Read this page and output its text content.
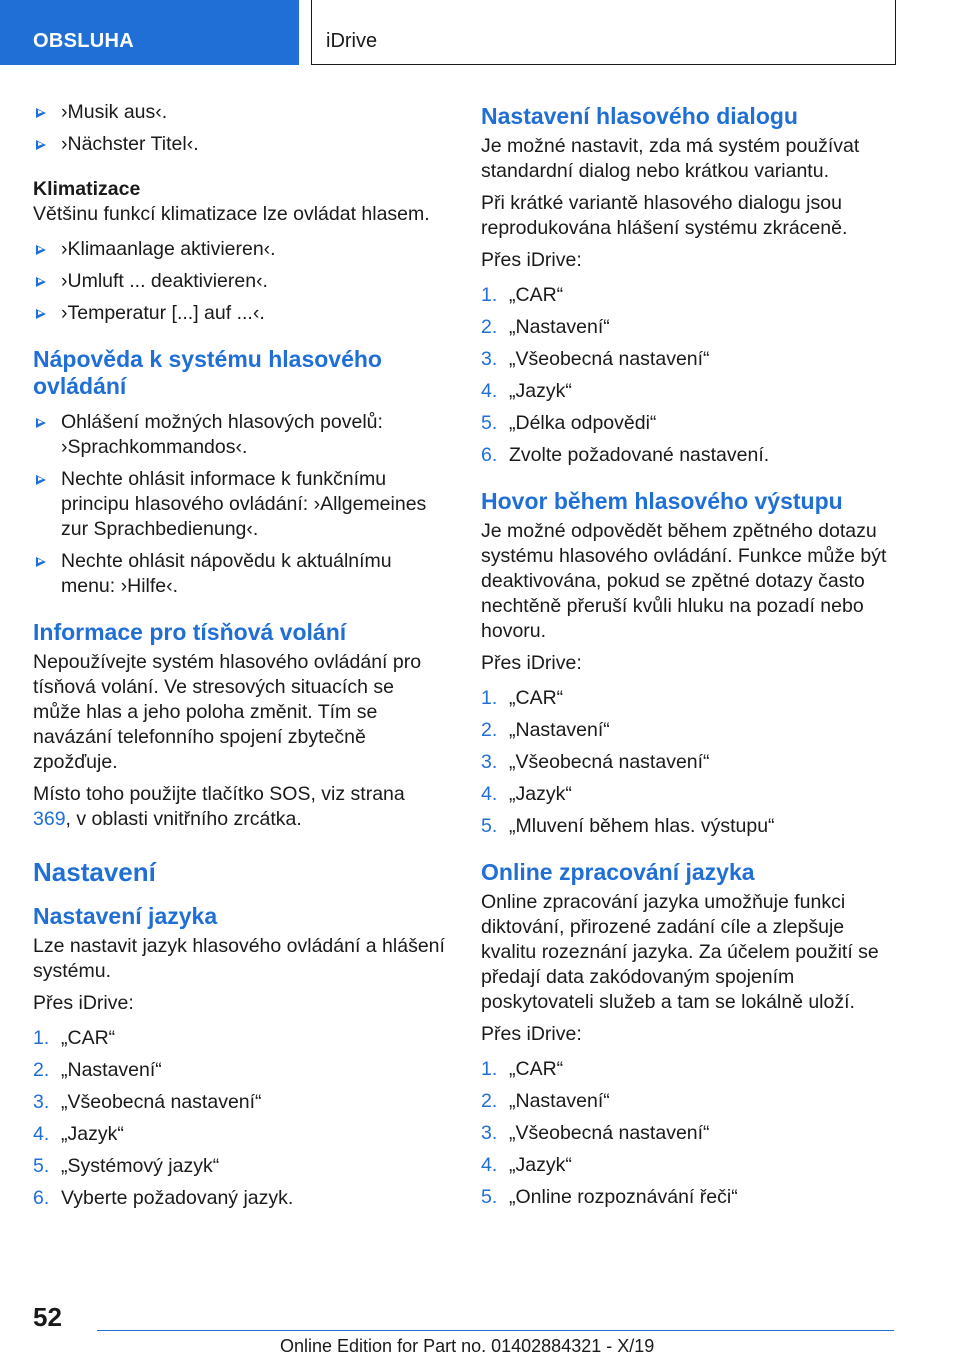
OBSLUHA	iDrive
›Musik aus‹.
›Nächster Titel‹.
Klimatizace

Většinu funkcí klimatizace lze ovládat hlasem.

›Klimaanlage aktivieren‹.
›Umluft ... deaktivieren‹.
›Temperatur [...] auf ...‹.
Nápověda k systému hlasového ovládání
Ohlášení možných hlasových povelů: ›Sprachkommandos‹.
Nechte ohlásit informace k funkčnímu principu hlasového ovládání: ›Allgemeines zur Sprachbedienung‹.
Nechte ohlásit nápovědu k aktuálnímu menu: ›Hilfe‹.
Informace pro tísňová volání

Nepoužívejte systém hlasového ovládání pro tísňová volání. Ve stresových situacích se může hlas a jeho poloha změnit. Tím se navázání telefonního spojení zbytečně zpožďuje.

Místo toho použijte tlačítko SOS, viz strana 369, v oblasti vnitřního zrcátka.

Nastavení
Nastavení jazyka

Lze nastavit jazyk hlasového ovládání a hlášení systému.

Přes iDrive:

1. „CAR“
2. „Nastavení“
3. „Všeobecná nastavení“
4. „Jazyk“
5. „Systémový jazyk“
6. Vyberte požadovaný jazyk.
Nastavení hlasového dialogu

Je možné nastavit, zda má systém používat standardní dialog nebo krátkou variantu.

Při krátké variantě hlasového dialogu jsou reprodukována hlášení systému zkráceně.

Přes iDrive:

1. „CAR“
2. „Nastavení“
3. „Všeobecná nastavení“
4. „Jazyk“
5. „Délka odpovědi“
6. Zvolte požadované nastavení.
Hovor během hlasového výstupu

Je možné odpovědět během zpětného dotazu systému hlasového ovládání. Funkce může být deaktivována, pokud se zpětné dotazy často nechtěně přeruší kvůli hluku na pozadí nebo hovoru.

Přes iDrive:

1. „CAR“
2. „Nastavení“
3. „Všeobecná nastavení“
4. „Jazyk“
5. „Mluvení během hlas. výstupu“
Online zpracování jazyka

Online zpracování jazyka umožňuje funkci diktování, přirozené zadání cíle a zlepšuje kvalitu rozeznání jazyka. Za účelem použití se předají data zakódovaným spojením poskytovateli služeb a tam se lokálně uloží.

Přes iDrive:

1. „CAR“
2. „Nastavení“
3. „Všeobecná nastavení“
4. „Jazyk“
5. „Online rozpoznávání řeči“
52
Online Edition for Part no. 01402884321 - X/19
